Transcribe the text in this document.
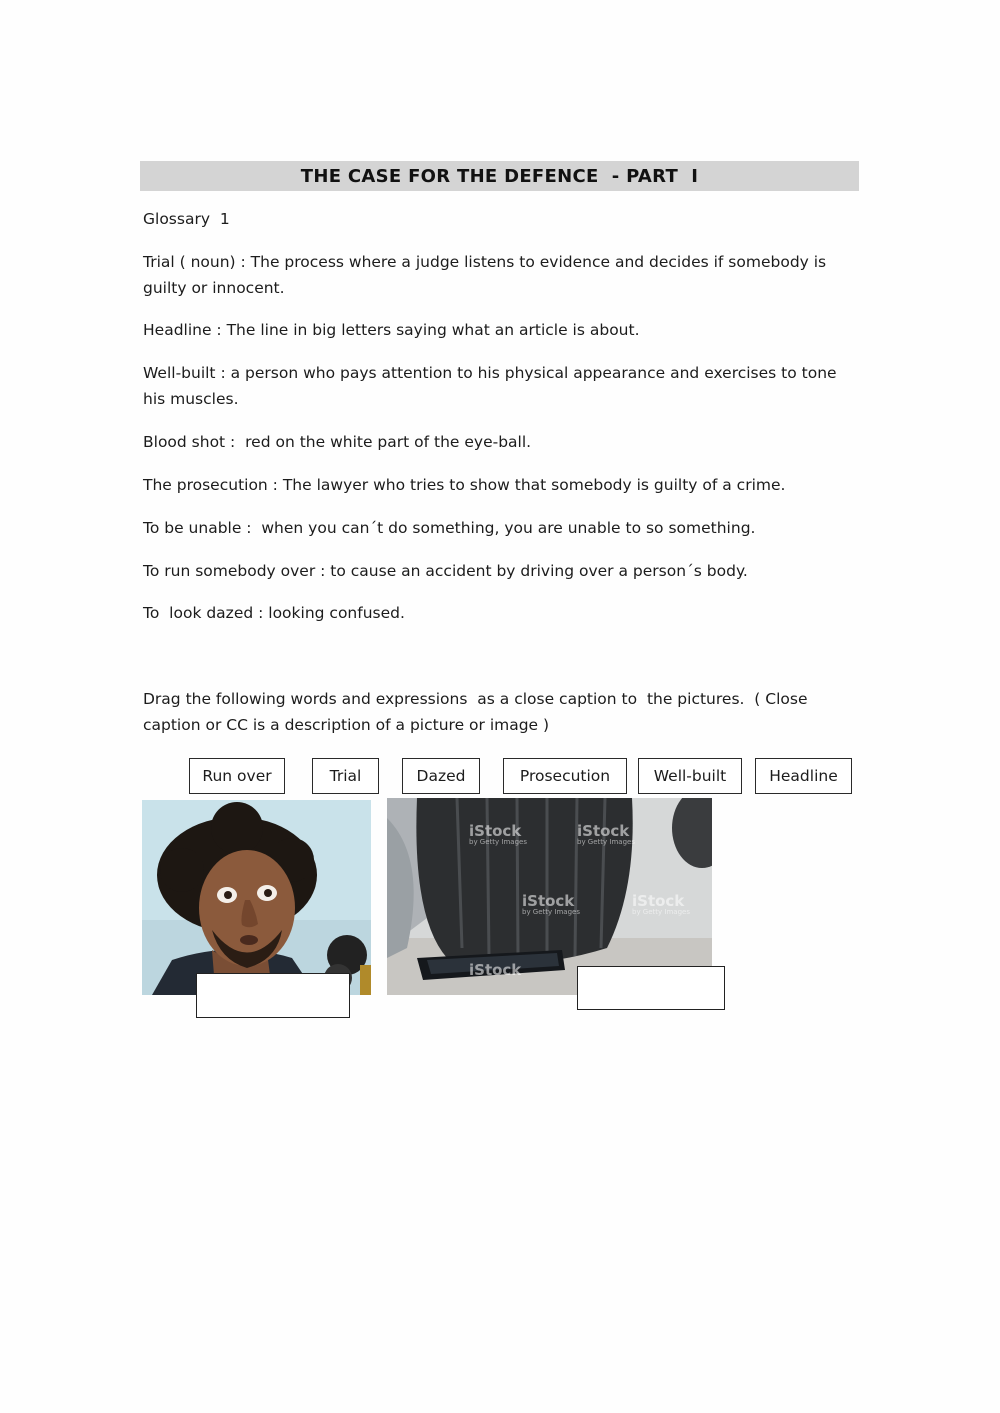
THE CASE FOR THE DEFENCE  - PART  I

Glossary  1

Trial ( noun) : The process where a judge listens to evidence and decides if somebody is guilty or innocent.

Headline : The line in big letters saying what an article is about.

Well-built : a person who pays attention to his physical appearance and exercises to tone his muscles.

Blood shot :  red on the white part of the eye-ball.

The prosecution : The lawyer who tries to show that somebody is guilty of a crime.

To be unable :  when you can´t do something, you are unable to so something.

To run somebody over : to cause an accident by driving over a person´s body.

To  look dazed : looking confused.

Drag the following words and expressions  as a close caption to  the pictures.  ( Close caption or CC is a description of a picture or image )

Run over	Trial	Dazed	Prosecution	Well-built	Headline
iStock
by Getty Images
iStock
by Getty Images
iStock
by Getty Images
iStock
by Getty Images
iStock
